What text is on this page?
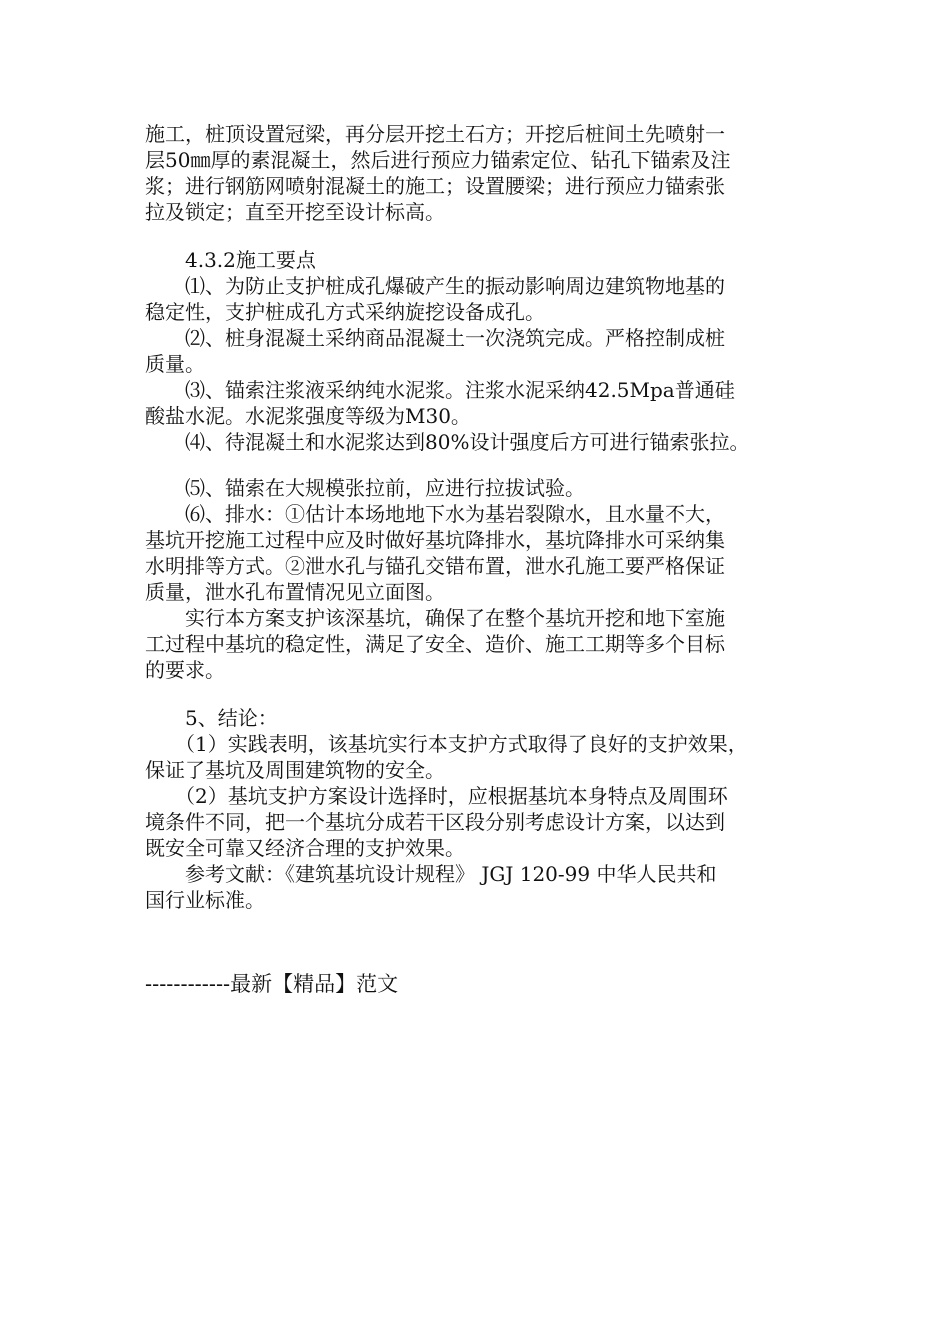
施工，桩顶设置冠梁，再分层开挖土石方；开挖后桩间土先喷射一
层50㎜厚的素混凝土，然后进行预应力锚索定位、钻孔下锚索及注
浆；进行钢筋网喷射混凝土的施工；设置腰梁；进行预应力锚索张
拉及锁定；直至开挖至设计标高。
　　4.3.2施工要点
　　⑴、为防止支护桩成孔爆破产生的振动影响周边建筑物地基的
稳定性，支护桩成孔方式采纳旋挖设备成孔。
　　⑵、桩身混凝土采纳商品混凝土一次浇筑完成。严格控制成桩
质量。
　　⑶、锚索注浆液采纳纯水泥浆。注浆水泥采纳42.5Mpa普通硅
酸盐水泥。水泥浆强度等级为M30。
　　⑷、待混凝土和水泥浆达到80%设计强度后方可进行锚索张拉。
　　⑸、锚索在大规模张拉前，应进行拉拔试验。
　　⑹、排水：①估计本场地地下水为基岩裂隙水，且水量不大，
基坑开挖施工过程中应及时做好基坑降排水，基坑降排水可采纳集
水明排等方式。②泄水孔与锚孔交错布置，泄水孔施工要严格保证
质量，泄水孔布置情况见立面图。
　　实行本方案支护该深基坑，确保了在整个基坑开挖和地下室施
工过程中基坑的稳定性，满足了安全、造价、施工工期等多个目标
的要求。
　　5、结论：
　　（1）实践表明，该基坑实行本支护方式取得了良好的支护效果，
保证了基坑及周围建筑物的安全。
　　（2）基坑支护方案设计选择时，应根据基坑本身特点及周围环
境条件不同，把一个基坑分成若干区段分别考虑设计方案，以达到
既安全可靠又经济合理的支护效果。
　　参考文献：《建筑基坑设计规程》 JGJ 120-99 中华人民共和
国行业标准。
------------最新【精品】范文
